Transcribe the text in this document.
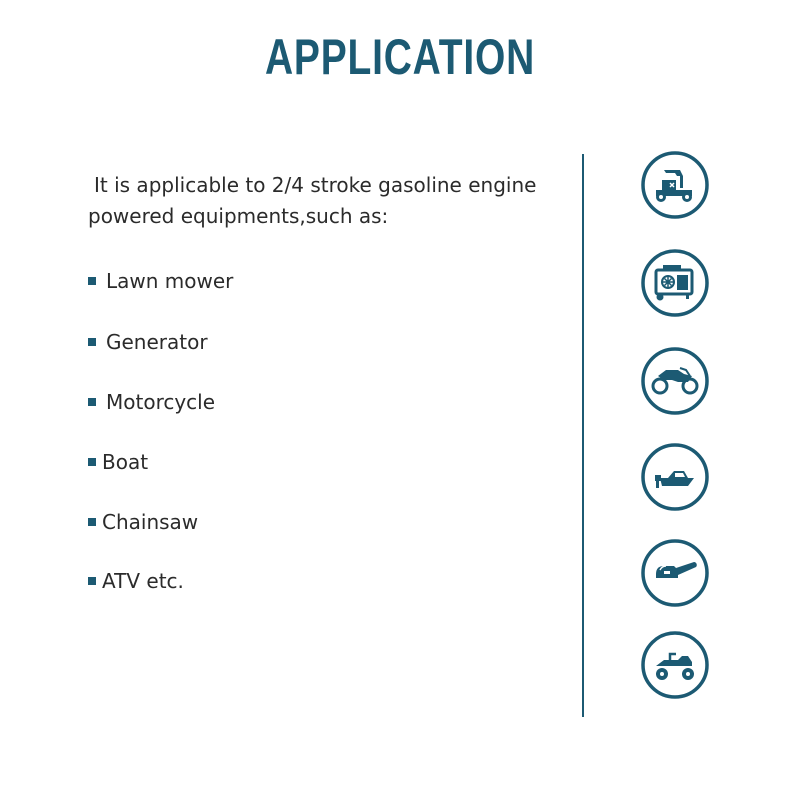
APPLICATION

It is applicable to 2/4 stroke gasoline engine
powered equipments,such as:

Lawn mower
Generator
Motorcycle
Boat
Chainsaw
ATV etc.
